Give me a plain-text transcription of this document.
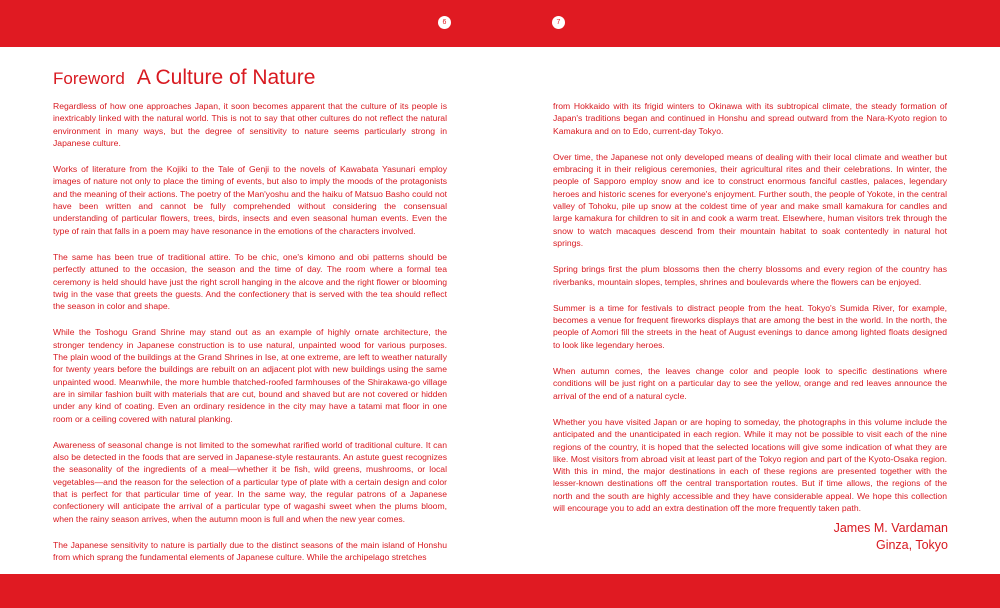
6	7
Foreword A Culture of Nature

Regardless of how one approaches Japan, it soon becomes apparent that the culture of its people is inextricably linked with the natural world. This is not to say that other cultures do not reflect the natural environment in many ways, but the degree of sensitivity to nature seems particularly strong in Japanese culture.

Works of literature from the Kojiki to the Tale of Genji to the novels of Kawabata Yasunari employ images of nature not only to place the timing of events, but also to imply the moods of the protagonists and the meaning of their actions. The poetry of the Man'yoshu and the haiku of Matsuo Basho could not have been written and cannot be fully comprehended without considering the consensual understanding of particular flowers, trees, birds, insects and even seasonal human events. Even the type of rain that falls in a poem may have resonance in the emotions of the characters involved.

The same has been true of traditional attire. To be chic, one's kimono and obi patterns should be perfectly attuned to the occasion, the season and the time of day. The room where a formal tea ceremony is held should have just the right scroll hanging in the alcove and the right flower or blooming twig in the vase that greets the guests. And the confectionery that is served with the tea should reflect the season in color and shape.

While the Toshogu Grand Shrine may stand out as an example of highly ornate architecture, the stronger tendency in Japanese construction is to use natural, unpainted wood for various purposes. The plain wood of the buildings at the Grand Shrines in Ise, at one extreme, are left to weather naturally for twenty years before the buildings are rebuilt on an adjacent plot with new buildings using the same unpainted wood. Meanwhile, the more humble thatched-roofed farmhouses of the Shirakawa-go village are in similar fashion built with materials that are cut, bound and shaved but are not covered or hidden under any kind of coating. Even an ordinary residence in the city may have a tatami mat floor in one room or a ceiling covered with natural planking.

Awareness of seasonal change is not limited to the somewhat rarified world of traditional culture. It can also be detected in the foods that are served in Japanese-style restaurants. An astute guest recognizes the seasonality of the ingredients of a meal—whether it be fish, wild greens, mushrooms, or local vegetables—and the reason for the selection of a particular type of plate with a certain design and color that is perfect for that particular time of year. In the same way, the regular patrons of a Japanese confectionery will anticipate the arrival of a particular type of wagashi sweet when the plums bloom, when the rainy season arrives, when the autumn moon is full and when the new year comes.

The Japanese sensitivity to nature is partially due to the distinct seasons of the main island of Honshu from which sprang the fundamental elements of Japanese culture. While the archipelago stretches

from Hokkaido with its frigid winters to Okinawa with its subtropical climate, the steady formation of Japan's traditions began and continued in Honshu and spread outward from the Nara-Kyoto region to Kamakura and on to Edo, current-day Tokyo.

Over time, the Japanese not only developed means of dealing with their local climate and weather but embracing it in their religious ceremonies, their agricultural rites and their celebrations. In winter, the people of Sapporo employ snow and ice to construct enormous fanciful castles, palaces, legendary heroes and historic scenes for everyone's enjoyment. Further south, the people of Yokote, in the central valley of Tohoku, pile up snow at the coldest time of year and make small kamakura for candles and large kamakura for children to sit in and cook a warm treat. Elsewhere, human visitors trek through the snow to watch macaques descend from their mountain habitat to soak contentedly in natural hot springs.

Spring brings first the plum blossoms then the cherry blossoms and every region of the country has riverbanks, mountain slopes, temples, shrines and boulevards where the flowers can be enjoyed.

Summer is a time for festivals to distract people from the heat. Tokyo's Sumida River, for example, becomes a venue for frequent fireworks displays that are among the best in the world. In the north, the people of Aomori fill the streets in the heat of August evenings to dance among lighted floats designed to look like legendary heroes.

When autumn comes, the leaves change color and people look to specific destinations where conditions will be just right on a particular day to see the yellow, orange and red leaves announce the arrival of the end of a natural cycle.

Whether you have visited Japan or are hoping to someday, the photographs in this volume include the anticipated and the unanticipated in each region. While it may not be possible to visit each of the nine regions of the country, it is hoped that the selected locations will give some indication of what they are like. Most visitors from abroad visit at least part of the Tokyo region and part of the Kyoto-Osaka region. With this in mind, the major destinations in each of these regions are presented together with the lesser-known destinations off the central transportation routes. But if time allows, the regions of the north and the south are highly accessible and they have considerable appeal. We hope this collection will encourage you to add an extra destination off the more frequently taken path.

James M. Vardaman
Ginza, Tokyo
